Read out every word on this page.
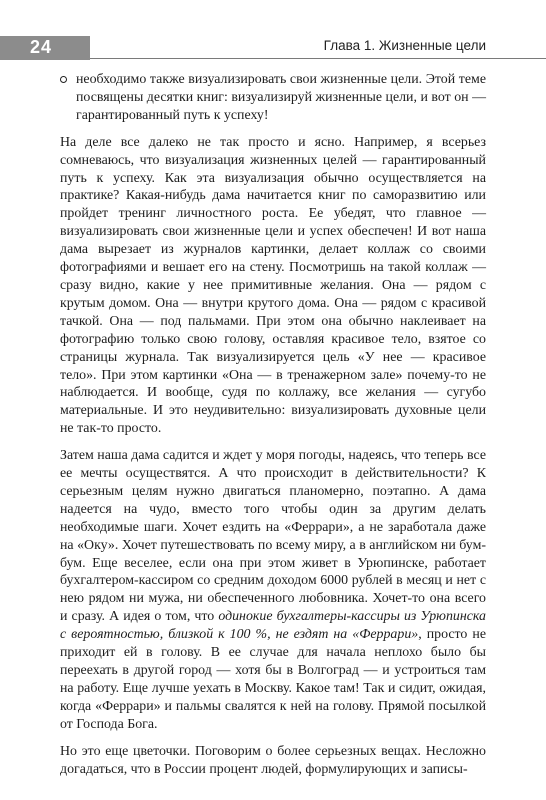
24	Глава 1. Жизненные цели
необходимо также визуализировать свои жизненные цели. Этой теме посвящены десятки книг: визуализируй жизненные цели, и вот он — гарантированный путь к успеху!

На деле все далеко не так просто и ясно. Например, я всерьез сомневаюсь, что визуализация жизненных целей — гарантированный путь к успеху. Как эта визуализация обычно осуществляется на практике? Какая-нибудь дама начитается книг по саморазвитию или пройдет тренинг личностного роста. Ее убедят, что главное — визуализировать свои жизненные цели и успех обеспечен! И вот наша дама вырезает из журналов картинки, делает коллаж со своими фотографиями и вешает его на стену. Посмотришь на такой коллаж — сразу видно, какие у нее примитивные желания. Она — рядом с крутым домом. Она — внутри крутого дома. Она — рядом с красивой тачкой. Она — под пальмами. При этом она обычно наклеивает на фотографию только свою голову, оставляя красивое тело, взятое со страницы журнала. Так визуализируется цель «У нее — красивое тело». При этом картинки «Она — в тренажерном зале» почему-то не наблюдается. И вообще, судя по коллажу, все желания — сугубо материальные. И это неудивительно: визуализировать духовные цели не так-то просто.

Затем наша дама садится и ждет у моря погоды, надеясь, что теперь все ее мечты осуществятся. А что происходит в действительности? К серьезным целям нужно двигаться планомерно, поэтапно. А дама надеется на чудо, вместо того чтобы один за другим делать необходимые шаги. Хочет ездить на «Феррари», а не заработала даже на «Оку». Хочет путешествовать по всему миру, а в английском ни бум-бум. Еще веселее, если она при этом живет в Урюпинске, работает бухгалтером-кассиром со средним доходом 6000 рублей в месяц и нет с нею рядом ни мужа, ни обеспеченного любовника. Хочет-то она всего и сразу. А идея о том, что одинокие бухгалтеры-кассиры из Урюпинска с вероятностью, близкой к 100 %, не ездят на «Феррари», просто не приходит ей в голову. В ее случае для начала неплохо было бы переехать в другой город — хотя бы в Волгоград — и устроиться там на работу. Еще лучше уехать в Москву. Какое там! Так и сидит, ожидая, когда «Феррари» и пальмы свалятся к ней на голову. Прямой посылкой от Господа Бога.

Но это еще цветочки. Поговорим о более серьезных вещах. Несложно догадаться, что в России процент людей, формулирующих и записы-
